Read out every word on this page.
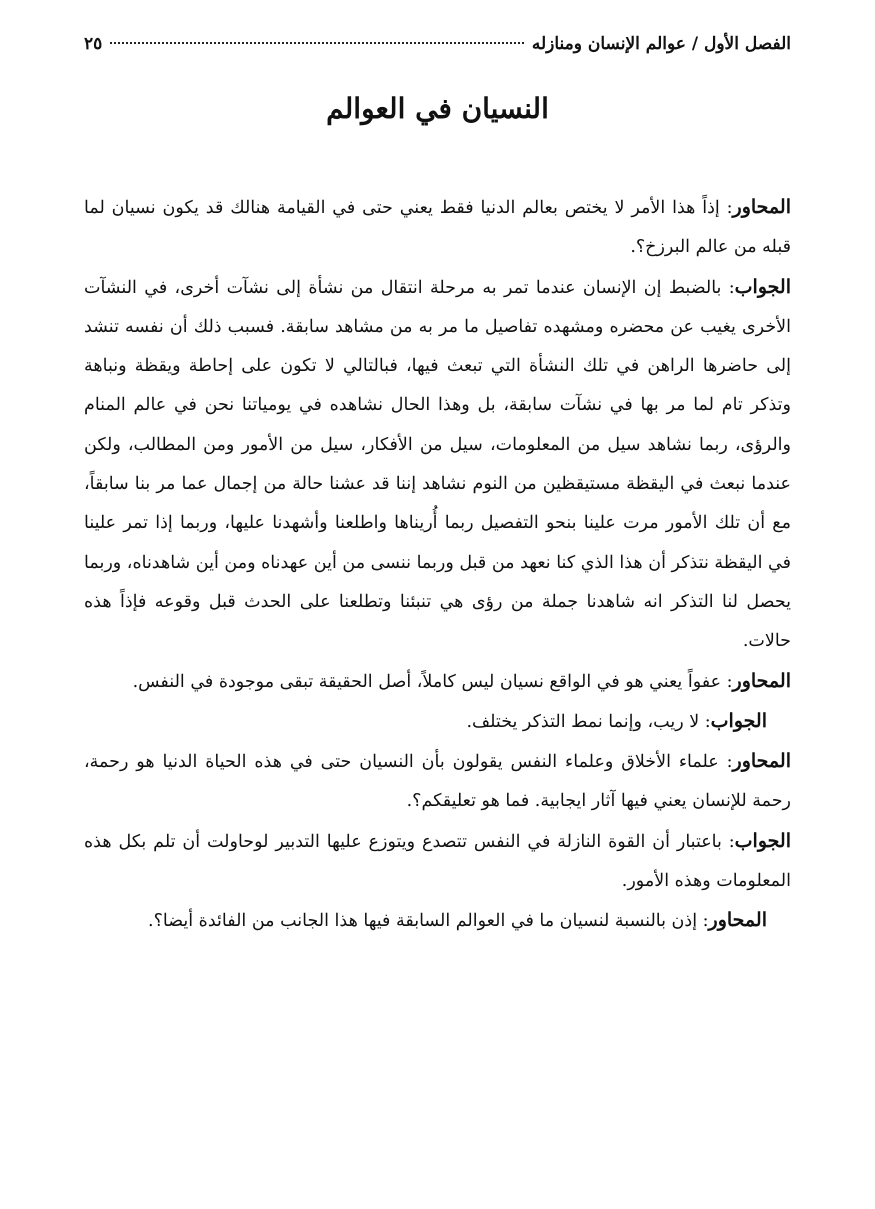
الفصل الأول / عوالم الإنسان ومنازله
٢٥
النسيان في العوالم

المحاور: إذاً هذا الأمر لا يختص بعالم الدنيا فقط يعني حتى في القيامة هنالك قد يكون نسيان لما قبله من عالم البرزخ؟.

الجواب: بالضبط إن الإنسان عندما تمر به مرحلة انتقال من نشأة إلى نشآت أخرى، في النشآت الأخرى يغيب عن محضره ومشهده تفاصيل ما مر به من مشاهد سابقة. فسبب ذلك أن نفسه تنشد إلى حاضرها الراهن في تلك النشأة التي تبعث فيها، فبالتالي لا تكون على إحاطة ويقظة ونباهة وتذكر تام لما مر بها في نشآت سابقة، بل وهذا الحال نشاهده في يومياتنا نحن في عالم المنام والرؤى، ربما نشاهد سيل من المعلومات، سيل من الأفكار، سيل من الأمور ومن المطالب، ولكن عندما نبعث في اليقظة مستيقظين من النوم نشاهد إننا قد عشنا حالة من إجمال عما مر بنا سابقاً، مع أن تلك الأمور مرت علينا بنحو التفصيل ربما أُريناها واطلعنا وأشهدنا عليها، وربما إذا تمر علينا في اليقظة نتذكر أن هذا الذي كنا نعهد من قبل وربما ننسى من أين عهدناه ومن أين شاهدناه، وربما يحصل لنا التذكر انه شاهدنا جملة من رؤى هي تنبئنا وتطلعنا على الحدث قبل وقوعه فإذاً هذه حالات.

المحاور: عفواً يعني هو في الواقع نسيان ليس كاملاً، أصل الحقيقة تبقى موجودة في النفس.

الجواب: لا ريب، وإنما نمط التذكر يختلف.

المحاور: علماء الأخلاق وعلماء النفس يقولون بأن النسيان حتى في هذه الحياة الدنيا هو رحمة، رحمة للإنسان يعني فيها آثار ايجابية. فما هو تعليقكم؟.

الجواب: باعتبار أن القوة النازلة في النفس تتصدع ويتوزع عليها التدبير لوحاولت أن تلم بكل هذه المعلومات وهذه الأمور.

المحاور: إذن بالنسبة لنسيان ما في العوالم السابقة فيها هذا الجانب من الفائدة أيضا؟.
